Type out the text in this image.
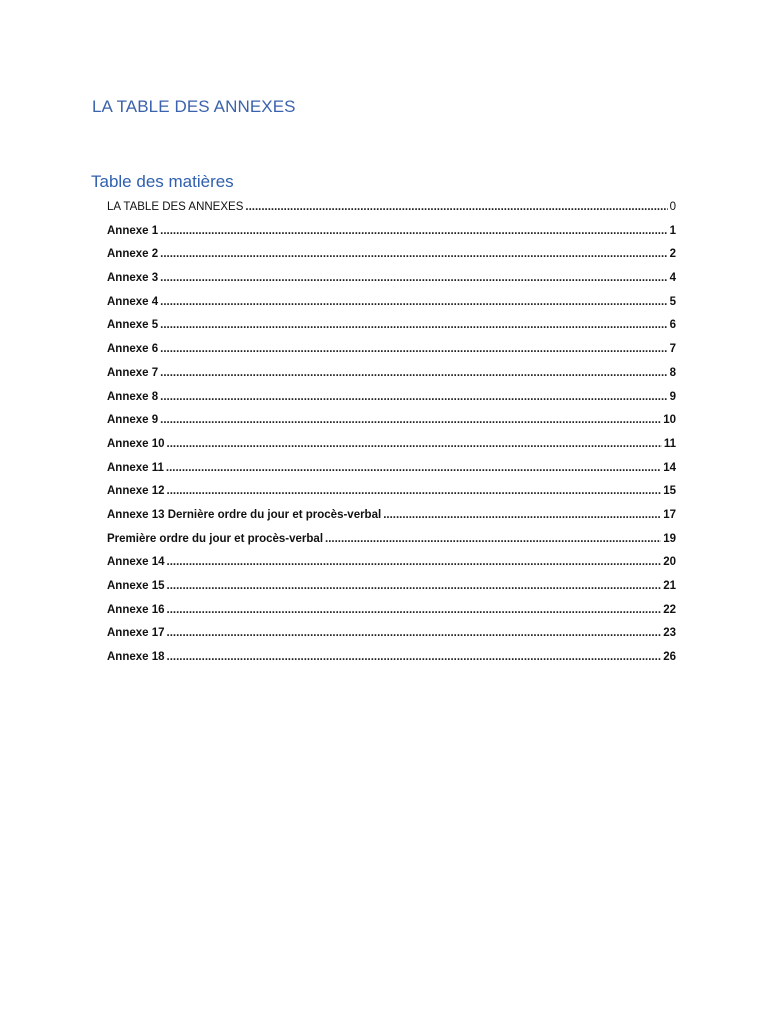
LA TABLE DES ANNEXES
Table des matières
LA TABLE DES ANNEXES . . .	0
Annexe 1 . . .	1
Annexe 2 . . .	2
Annexe 3 . . .	4
Annexe 4 . . .	5
Annexe 5 . . .	6
Annexe 6 . . .	7
Annexe 7 . . .	8
Annexe 8 . . .	9
Annexe 9 . . .	10
Annexe 10 . . .	11
Annexe 11 . . .	14
Annexe 12 . . .	15
Annexe 13 Dernière ordre du jour et procès-verbal . . .	17
Première ordre du jour et procès-verbal . . .	19
Annexe 14 . . .	20
Annexe 15 . . .	21
Annexe 16 . . .	22
Annexe 17 . . .	23
Annexe 18 . . .	26
